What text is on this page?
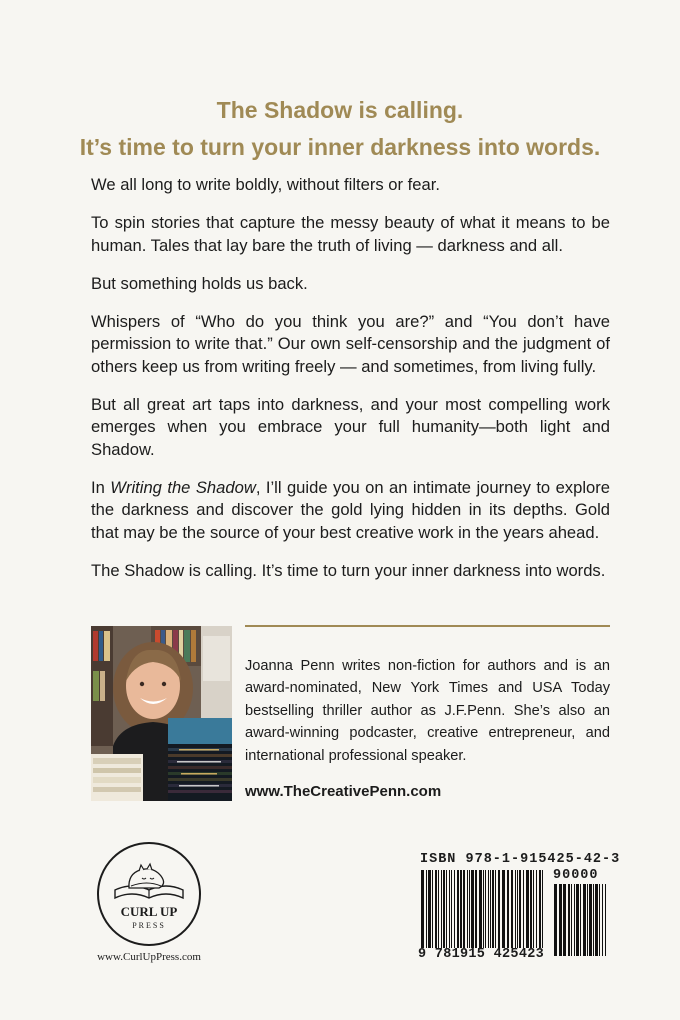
The Shadow is calling.
It’s time to turn your inner darkness into words.

We all long to write boldly, without filters or fear.

To spin stories that capture the messy beauty of what it means to be human. Tales that lay bare the truth of living — darkness and all.

But something holds us back.

Whispers of “Who do you think you are?” and “You don’t have permission to write that.” Our own self-censorship and the judgment of others keep us from writing freely — and sometimes, from living fully.

But all great art taps into darkness, and your most compelling work emerges when you embrace your full humanity—both light and Shadow.

In Writing the Shadow, I’ll guide you on an intimate journey to explore the darkness and discover the gold lying hidden in its depths. Gold that may be the source of your best creative work in the years ahead.

The Shadow is calling. It’s time to turn your inner darkness into words.

Joanna Penn writes non-fiction for authors and is an award-nominated, New York Times and USA Today bestselling thriller author as J.F.Penn. She’s also an award-winning podcaster, creative entrepreneur, and international professional speaker.
www.TheCreativePenn.com
CURL UP
PRESS
www.CurlUpPress.com
ISBN 978-1-915425-42-3
90000
9 781915 425423
